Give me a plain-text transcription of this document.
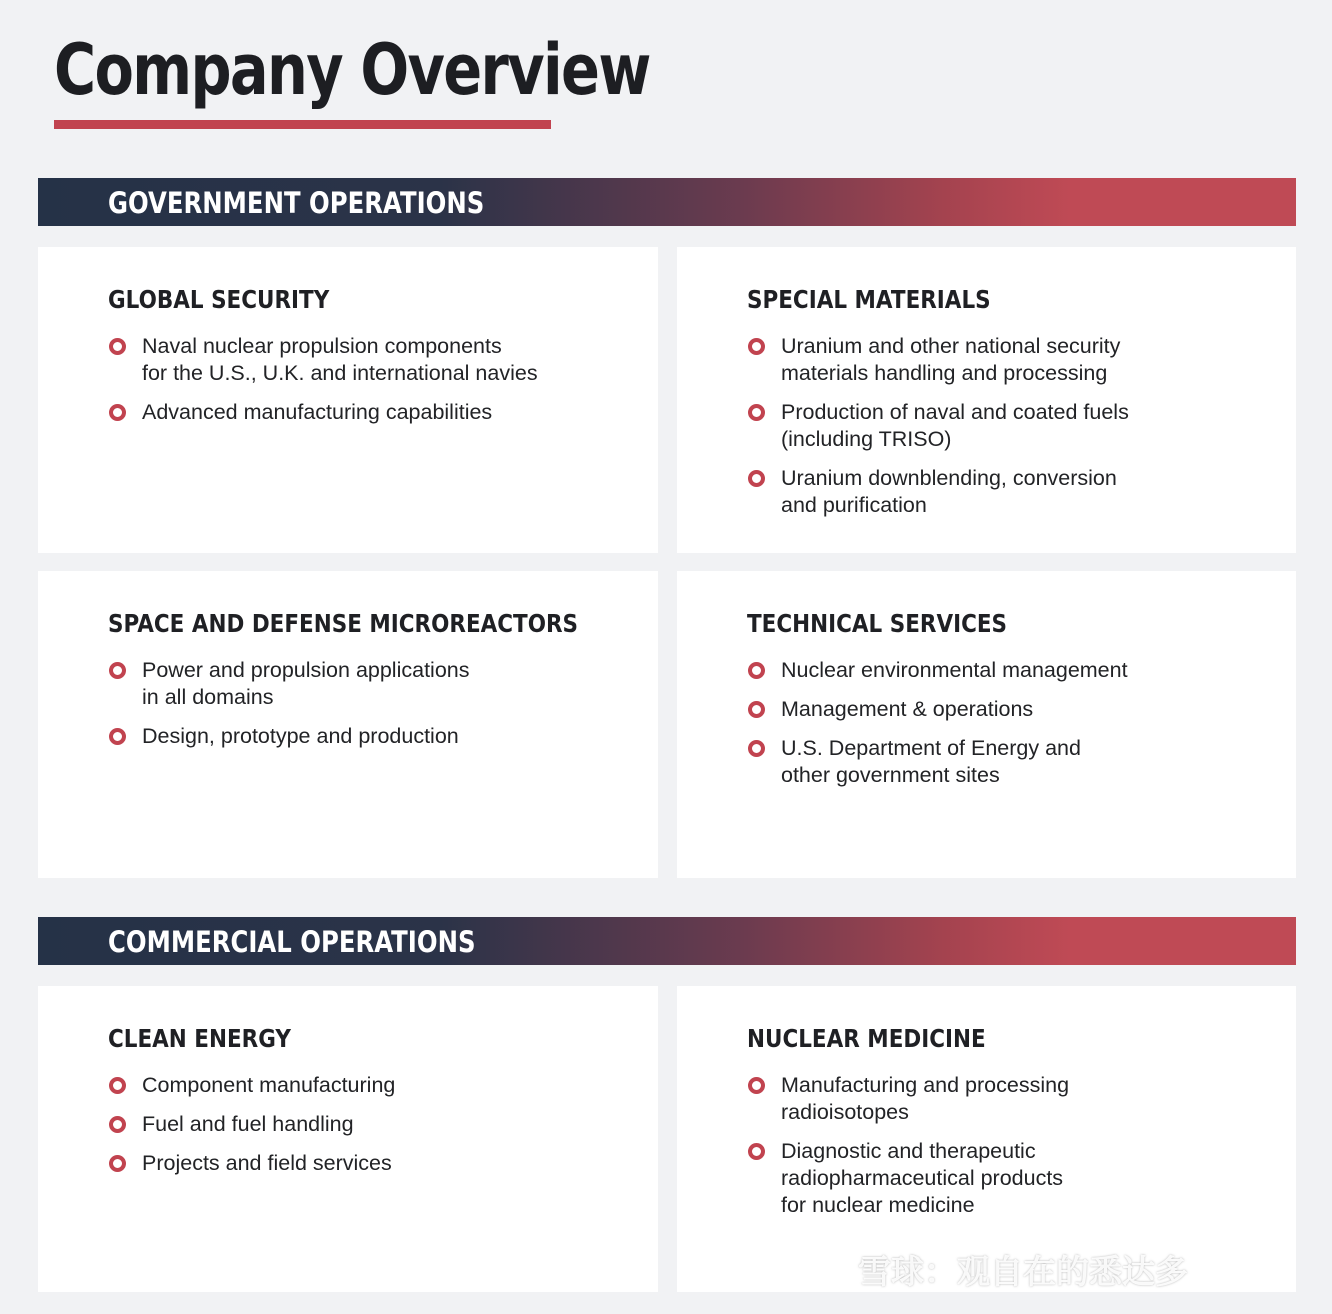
Company Overview
GOVERNMENT OPERATIONS
GLOBAL SECURITY
Naval nuclear propulsion components
for the U.S., U.K. and international navies
Advanced manufacturing capabilities
SPECIAL MATERIALS
Uranium and other national security
materials handling and processing
Production of naval and coated fuels
(including TRISO)
Uranium downblending, conversion
and purification
SPACE AND DEFENSE MICROREACTORS
Power and propulsion applications
in all domains
Design, prototype and production
TECHNICAL SERVICES
Nuclear environmental management
Management & operations
U.S. Department of Energy and
other government sites
COMMERCIAL OPERATIONS
CLEAN ENERGY
Component manufacturing
Fuel and fuel handling
Projects and field services
NUCLEAR MEDICINE
Manufacturing and processing
radioisotopes
Diagnostic and therapeutic
radiopharmaceutical products
for nuclear medicine
雪球：观自在的悉达多
